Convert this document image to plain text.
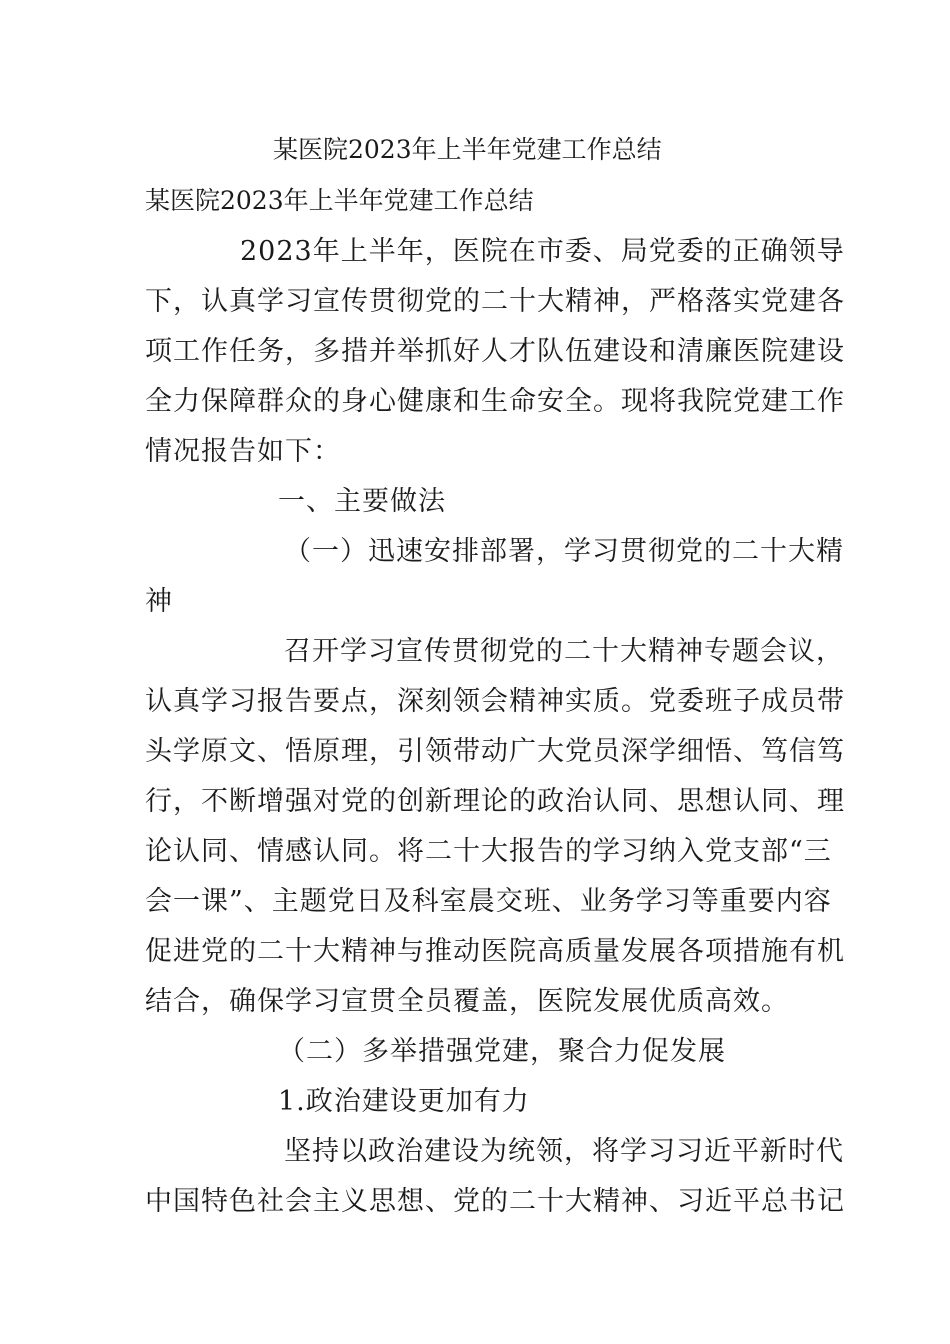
某医院2023年上半年党建工作总结

某医院2023年上半年党建工作总结

2023年上半年，医院在市委、局党委的正确领导

下，认真学习宣传贯彻党的二十大精神，严格落实党建各

项工作任务，多措并举抓好人才队伍建设和清廉医院建设

全力保障群众的身心健康和生命安全。现将我院党建工作

情况报告如下：

一、主要做法

（一）迅速安排部署，学习贯彻党的二十大精

神

召开学习宣传贯彻党的二十大精神专题会议，

认真学习报告要点，深刻领会精神实质。党委班子成员带

头学原文、悟原理，引领带动广大党员深学细悟、笃信笃

行，不断增强对党的创新理论的政治认同、思想认同、理

论认同、情感认同。将二十大报告的学习纳入党支部“三

会一课”、主题党日及科室晨交班、业务学习等重要内容

促进党的二十大精神与推动医院高质量发展各项措施有机

结合，确保学习宣贯全员覆盖，医院发展优质高效。

（二）多举措强党建，聚合力促发展

1.政治建设更加有力

坚持以政治建设为统领，将学习习近平新时代

中国特色社会主义思想、党的二十大精神、习近平总书记
